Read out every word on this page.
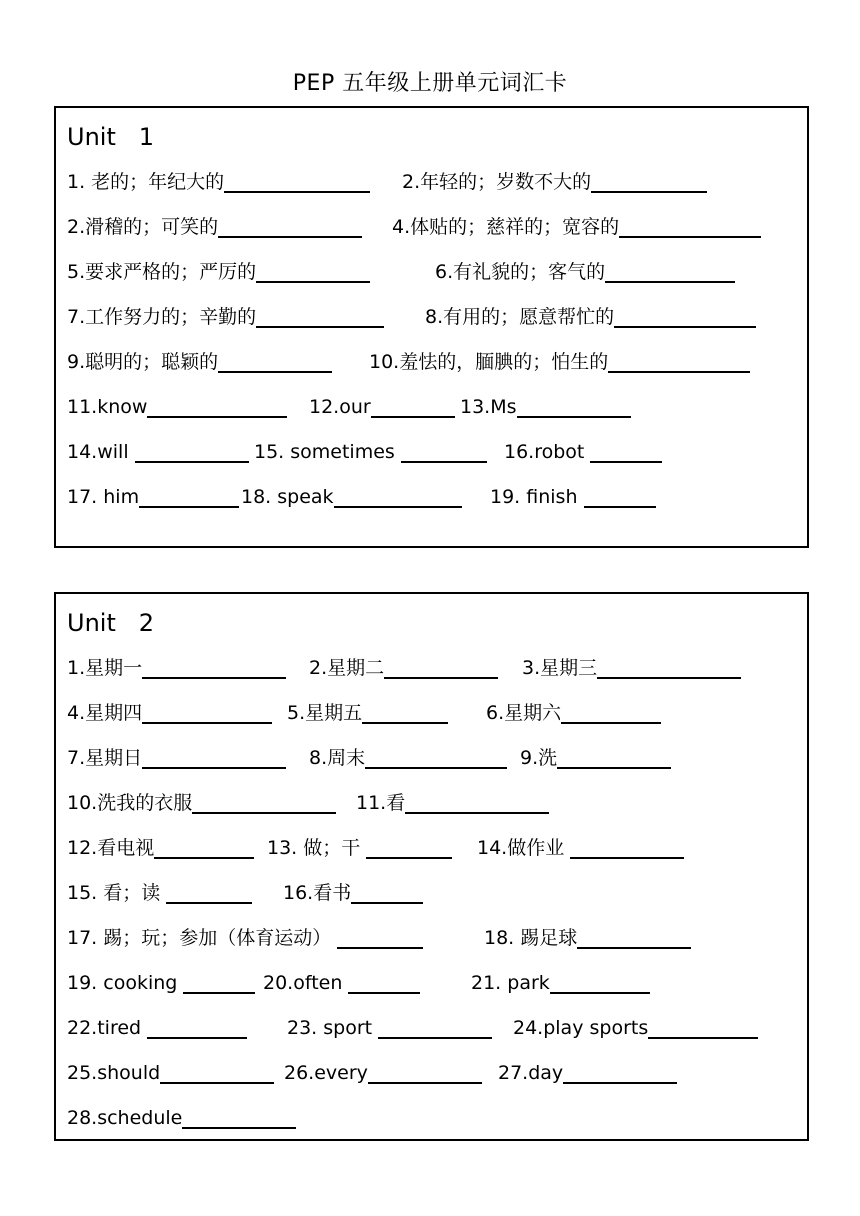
PEP 五年级上册单元词汇卡
Unit   1
1. 老的；年纪大的	2.年轻的；岁数不大的
2.滑稽的；可笑的	4.体贴的；慈祥的；宽容的
5.要求严格的；严厉的	6.有礼貌的；客气的
7.工作努力的；辛勤的	8.有用的；愿意帮忙的
9.聪明的；聪颖的	10.羞怯的，腼腆的；怕生的
11.know	12.our	13.Ms
14.will	15. sometimes	16.robot
17. him	18. speak	19. finish
Unit   2
1.星期一	2.星期二	3.星期三
4.星期四	5.星期五	6.星期六
7.星期日	8.周末	9.洗
10.洗我的衣服	11.看
12.看电视	13. 做；干	14.做作业
15. 看；读	16.看书
17. 踢；玩；参加（体育运动）	18. 踢足球
19. cooking	20.often	21. park
22.tired	23. sport	24.play sports
25.should	26.every	27.day
28.schedule
